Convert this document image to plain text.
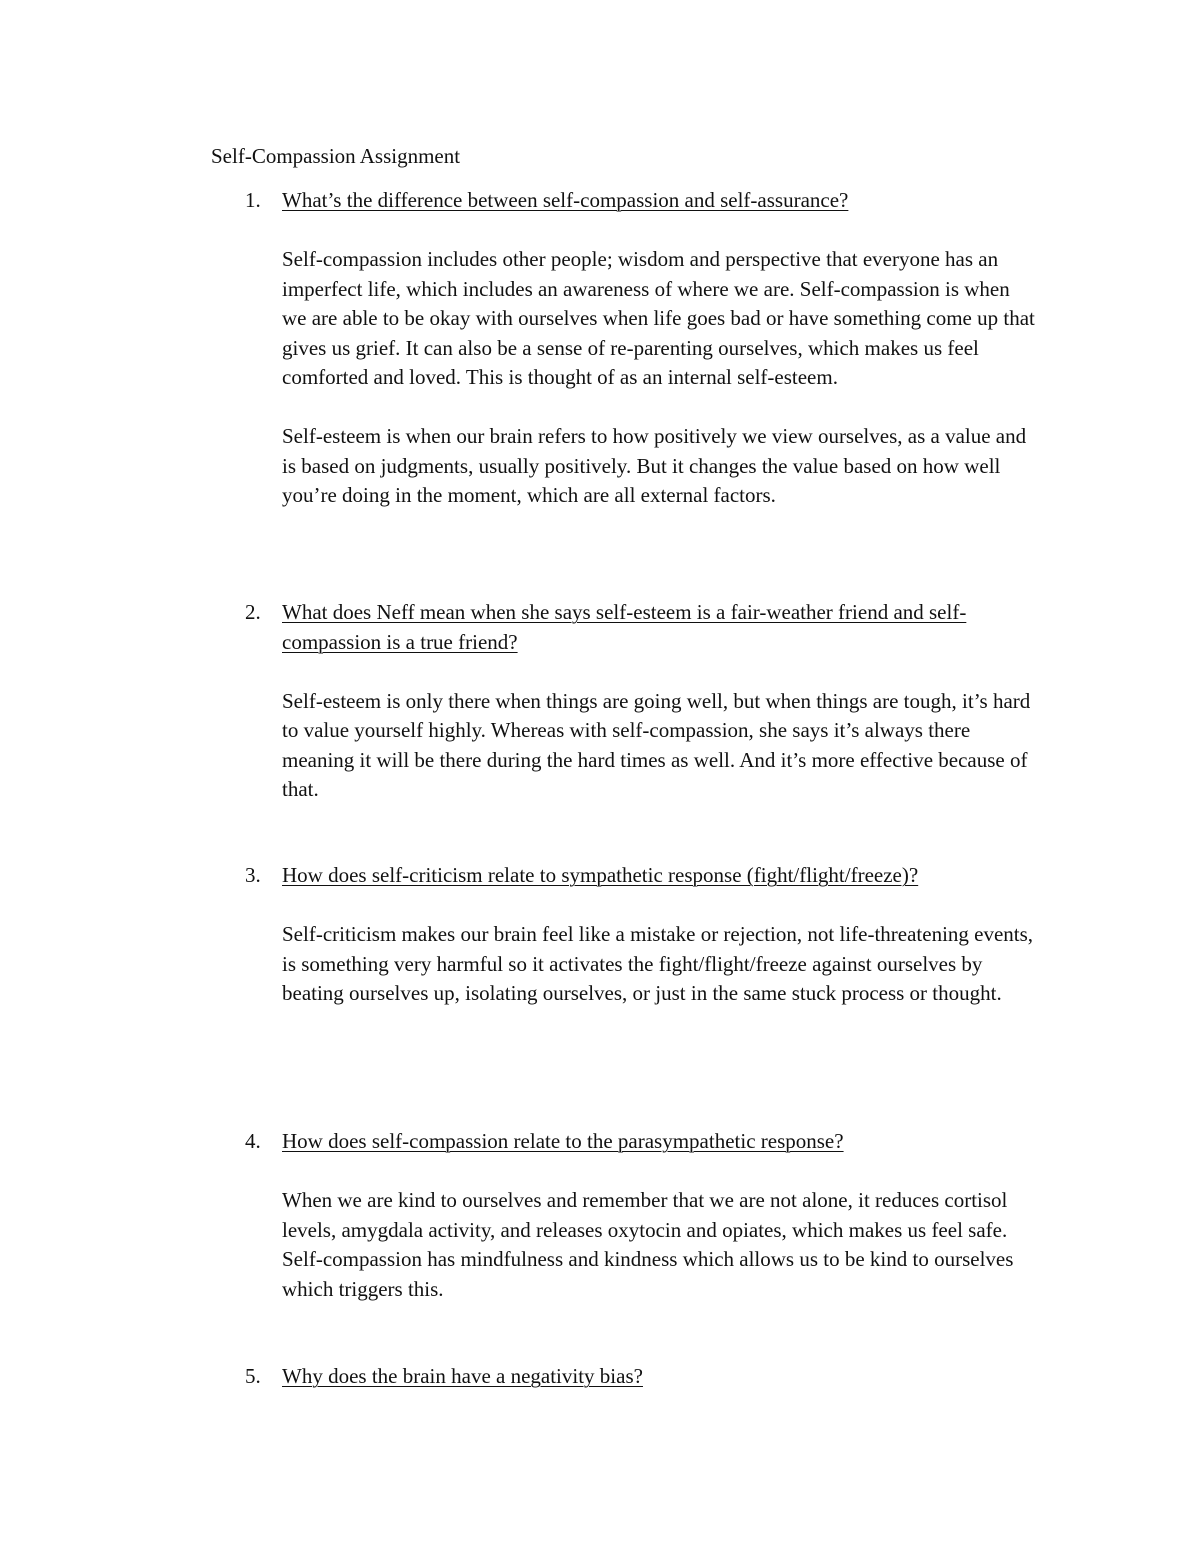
Self-Compassion Assignment
1.	What’s the difference between self-compassion and self-assurance?

Self-compassion includes other people; wisdom and perspective that everyone has an imperfect life, which includes an awareness of where we are. Self-compassion is when we are able to be okay with ourselves when life goes bad or have something come up that gives us grief. It can also be a sense of re-parenting ourselves, which makes us feel comforted and loved. This is thought of as an internal self-esteem.

Self-esteem is when our brain refers to how positively we view ourselves, as a value and is based on judgments, usually positively. But it changes the value based on how well you’re doing in the moment, which are all external factors.

2.	What does Neff mean when she says self-esteem is a fair-weather friend and self-compassion is a true friend?

Self-esteem is only there when things are going well, but when things are tough, it’s hard to value yourself highly. Whereas with self-compassion, she says it’s always there meaning it will be there during the hard times as well. And it’s more effective because of that.

3.	How does self-criticism relate to sympathetic response (fight/flight/freeze)?

Self-criticism makes our brain feel like a mistake or rejection, not life-threatening events, is something very harmful so it activates the fight/flight/freeze against ourselves by beating ourselves up, isolating ourselves, or just in the same stuck process or thought.

4.	How does self-compassion relate to the parasympathetic response?

When we are kind to ourselves and remember that we are not alone, it reduces cortisol levels, amygdala activity, and releases oxytocin and opiates, which makes us feel safe. Self-compassion has mindfulness and kindness which allows us to be kind to ourselves which triggers this.

5.	Why does the brain have a negativity bias?
